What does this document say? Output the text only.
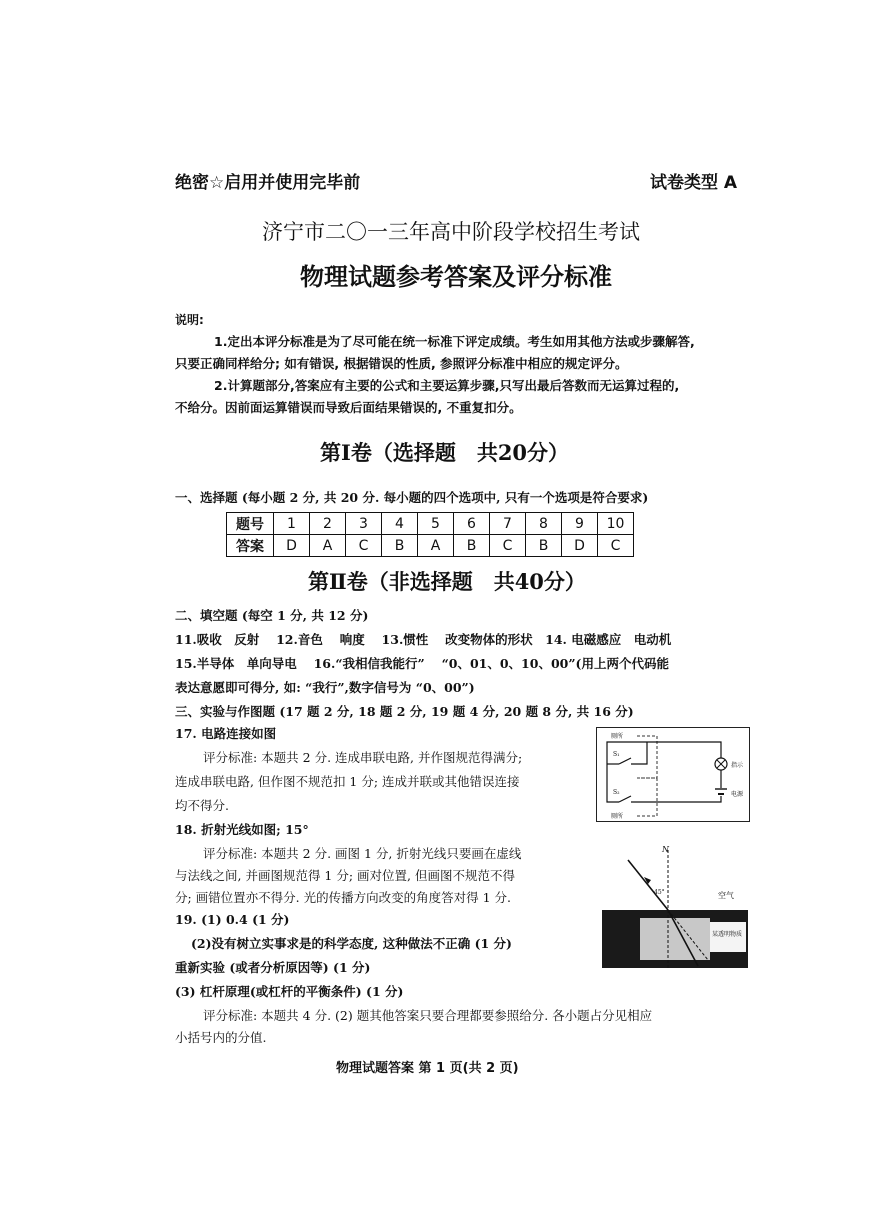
绝密☆启用并使用完毕前	试卷类型 A
济宁市二〇一三年高中阶段学校招生考试
物理试题参考答案及评分标准
说明:
1.定出本评分标准是为了尽可能在统一标准下评定成绩。考生如用其他方法或步骤解答,
只要正确同样给分; 如有错误, 根据错误的性质, 参照评分标准中相应的规定评分。
2.计算题部分,答案应有主要的公式和主要运算步骤,只写出最后答数而无运算过程的,
不给分。因前面运算错误而导致后面结果错误的, 不重复扣分。
第Ⅰ卷（选择题　共20分）
一、选择题 (每小题 2 分, 共 20 分. 每小题的四个选项中, 只有一个选项是符合要求)
题号	1	2	3	4	5	6	7	8	9	10
答案	D	A	C	B	A	B	C	B	D	C
第Ⅱ卷（非选择题　共40分）
二、填空题 (每空 1 分, 共 12 分)
11.吸收　反射　 12.音色　 响度　 13.惯性　 改变物体的形状　14. 电磁感应　电动机
15.半导体　单向导电　 16.“我相信我能行”　 “0、01、0、10、00”(用上两个代码能
表达意愿即可得分, 如: “我行”,数字信号为 “0、00”)
三、实验与作图题 (17 题 2 分, 18 题 2 分, 19 题 4 分, 20 题 8 分, 共 16 分)
17. 电路连接如图
评分标准: 本题共 2 分. 连成串联电路, 并作图规范得满分;
连成串联电路, 但作图不规范扣 1 分; 连成并联或其他错误连接
均不得分.
18. 折射光线如图; 15°
评分标准: 本题共 2 分. 画图 1 分, 折射光线只要画在虚线
与法线之间, 并画图规范得 1 分; 画对位置, 但画图不规范不得
分; 画错位置亦不得分. 光的传播方向改变的角度答对得 1 分.
19. (1) 0.4 (1 分)
(2)没有树立实事求是的科学态度, 这种做法不正确 (1 分)
重新实验 (或者分析原因等) (1 分)
(3) 杠杆原理(或杠杆的平衡条件) (1 分)
评分标准: 本题共 4 分. (2) 题其他答案只要合理都要参照给分. 各小题占分见相应
小括号内的分值.
厕所
S₁
S₂
厕所
指示
电源
N
45°	空气
某透明物质
物理试题答案 第 1 页(共 2 页)
